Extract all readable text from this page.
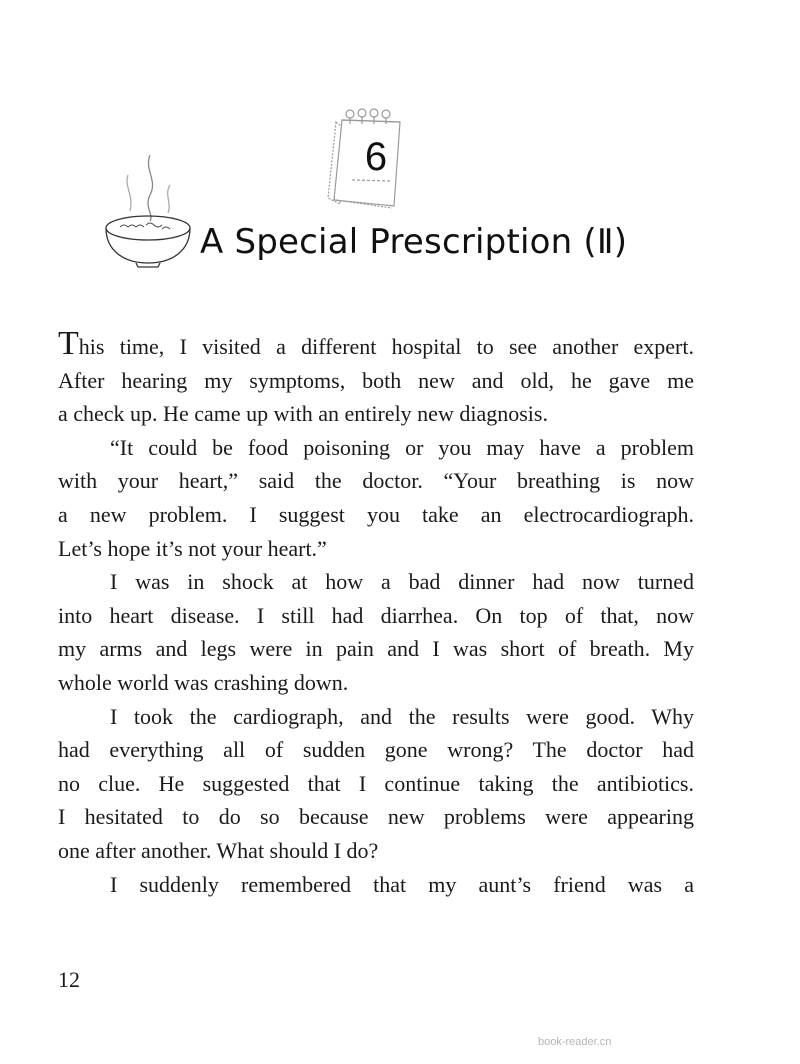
6
A Special Prescription (Ⅱ)
This time, I visited a different hospital to see another expert.
After hearing my symptoms, both new and old, he gave me
a check up. He came up with an entirely new diagnosis.
“It could be food poisoning or you may have a problem
with your heart,” said the doctor. “Your breathing is now
a new problem. I suggest you take an electrocardiograph.
Let’s hope it’s not your heart.”
I was in shock at how a bad dinner had now turned
into heart disease. I still had diarrhea. On top of that, now
my arms and legs were in pain and I was short of breath. My
whole world was crashing down.
I took the cardiograph, and the results were good. Why
had everything all of sudden gone wrong? The doctor had
no clue. He suggested that I continue taking the antibiotics.
I hesitated to do so because new problems were appearing
one after another. What should I do?
I suddenly remembered that my aunt’s friend was a
12
book-reader.cn
